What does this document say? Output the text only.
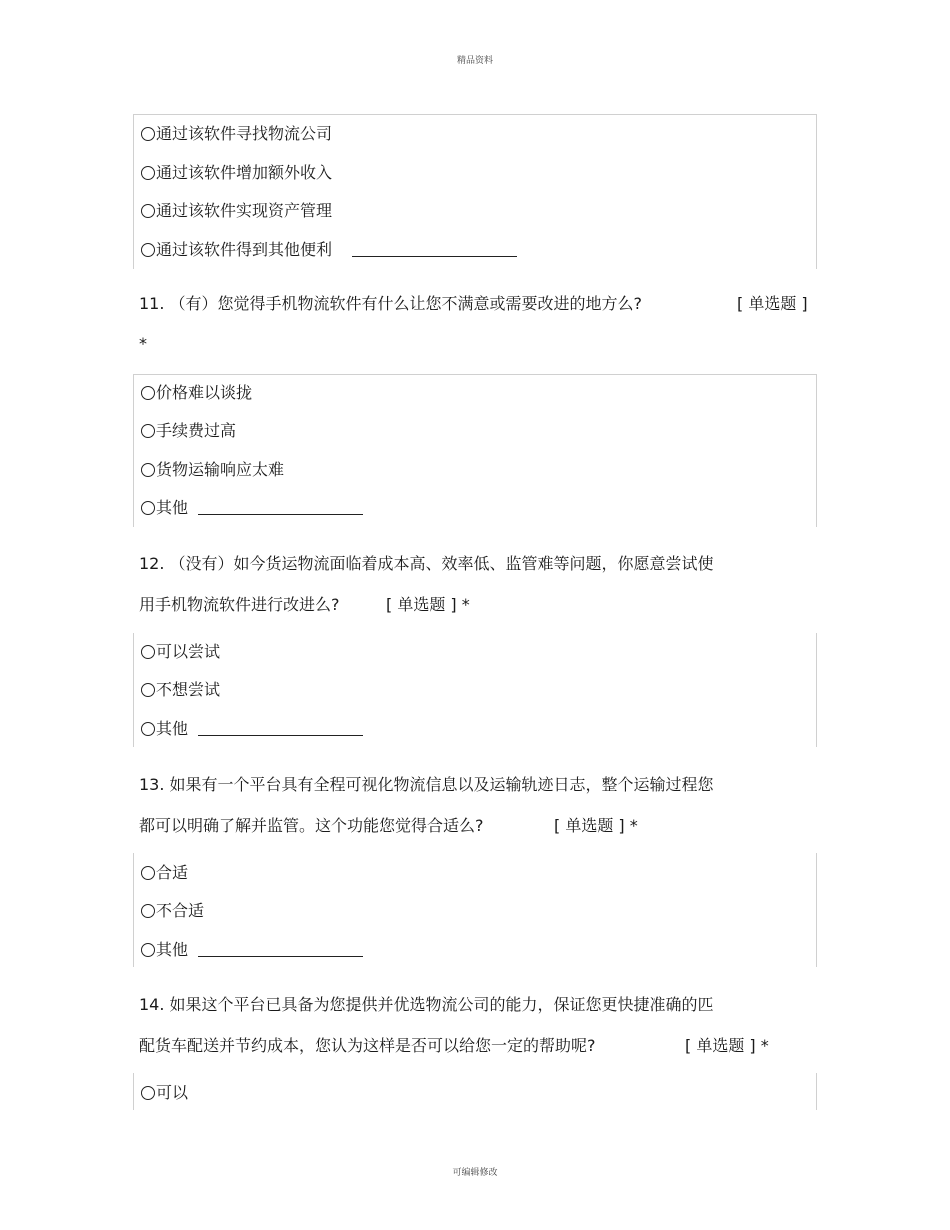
精品资料
通过该软件寻找物流公司
通过该软件增加额外收入
通过该软件实现资产管理
通过该软件得到其他便利
11. （有）您觉得手机物流软件有什么让您不满意或需要改进的地方么?	[ 单选题 ]
*
价格难以谈拢
手续费过高
货物运输响应太难
其他
12. （没有）如今货运物流面临着成本高、效率低、监管难等问题，你愿意尝试使
用手机物流软件进行改进么?	[ 单选题 ] *
可以尝试
不想尝试
其他
13. 如果有一个平台具有全程可视化物流信息以及运输轨迹日志，整个运输过程您
都可以明确了解并监管。这个功能您觉得合适么?	[ 单选题 ] *
合适
不合适
其他
14. 如果这个平台已具备为您提供并优选物流公司的能力，保证您更快捷准确的匹
配货车配送并节约成本，您认为这样是否可以给您一定的帮助呢?	[ 单选题 ] *
可以
可编辑修改
